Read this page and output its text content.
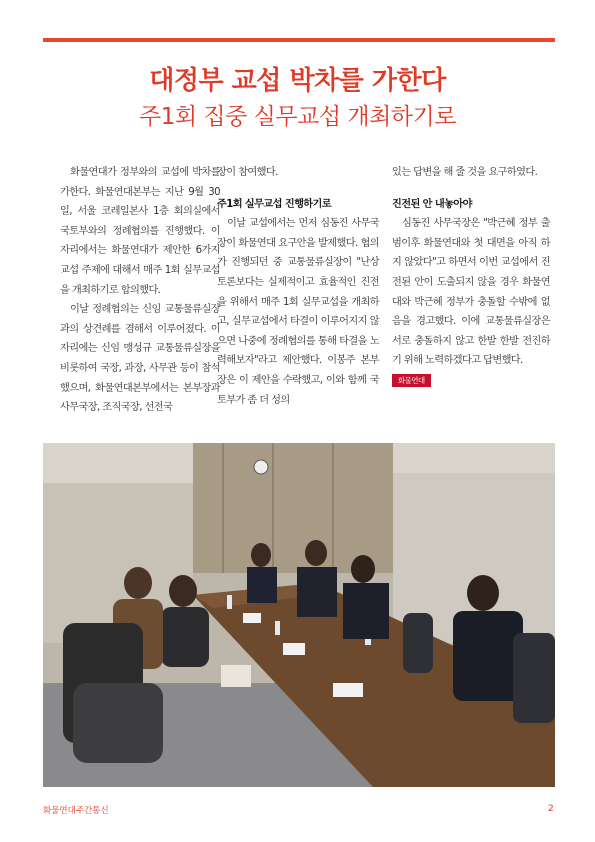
대정부 교섭 박차를 가한다
주1회 집중 실무교섭 개최하기로

화물연대가 정부와의 교섭에 박차를 가한다. 화물연대본부는 지난 9월 30일, 서울 코레일본사 1층 회의실에서 국토부와의 정례협의를 진행했다. 이 자리에서는 화물연대가 제안한 6가지 교섭 주제에 대해서 매주 1회 실무교섭을 개최하기로 합의했다.

이날 정례협의는 신임 교통물류실장과의 상견례를 겸해서 이루어졌다. 이 자리에는 신임 맹성규 교통물류실장을 비롯하여 국장, 과장, 사무관 등이 참석했으며, 화물연대본부에서는 본부장과 사무국장, 조직국장, 선전국

장이 참여했다.

주1회 실무교섭 진행하기로

이날 교섭에서는 먼저 심동진 사무국장이 화물연대 요구안을 발제했다. 협의가 진행되던 중 교통물류실장이 "난상토론보다는 실제적이고 효율적인 진전을 위해서 매주 1회 실무교섭을 개최하고, 실무교섭에서 타결이 이루어지지 않으면 나중에 정례협의를 통해 타결을 노력해보자"라고 제안했다. 이봉주 본부장은 이 제안을 수락했고, 이와 함께 국토부가 좀 더 성의

있는 답변을 해 줄 것을 요구하였다.

진전된 안 내놓아야

심동진 사무국장은 "박근혜 정부 출범이후 화물연대와 첫 대면을 아직 하지 않았다"고 하면서 이번 교섭에서 진전된 안이 도출되지 않을 경우 화물연대와 박근혜 정부가 충돌할 수밖에 없음을 경고했다. 이에 교통물류실장은 서로 충돌하지 않고 한발 한발 전진하기 위해 노력하겠다고 답변했다.

화물연대
화물연대주간통신	2
